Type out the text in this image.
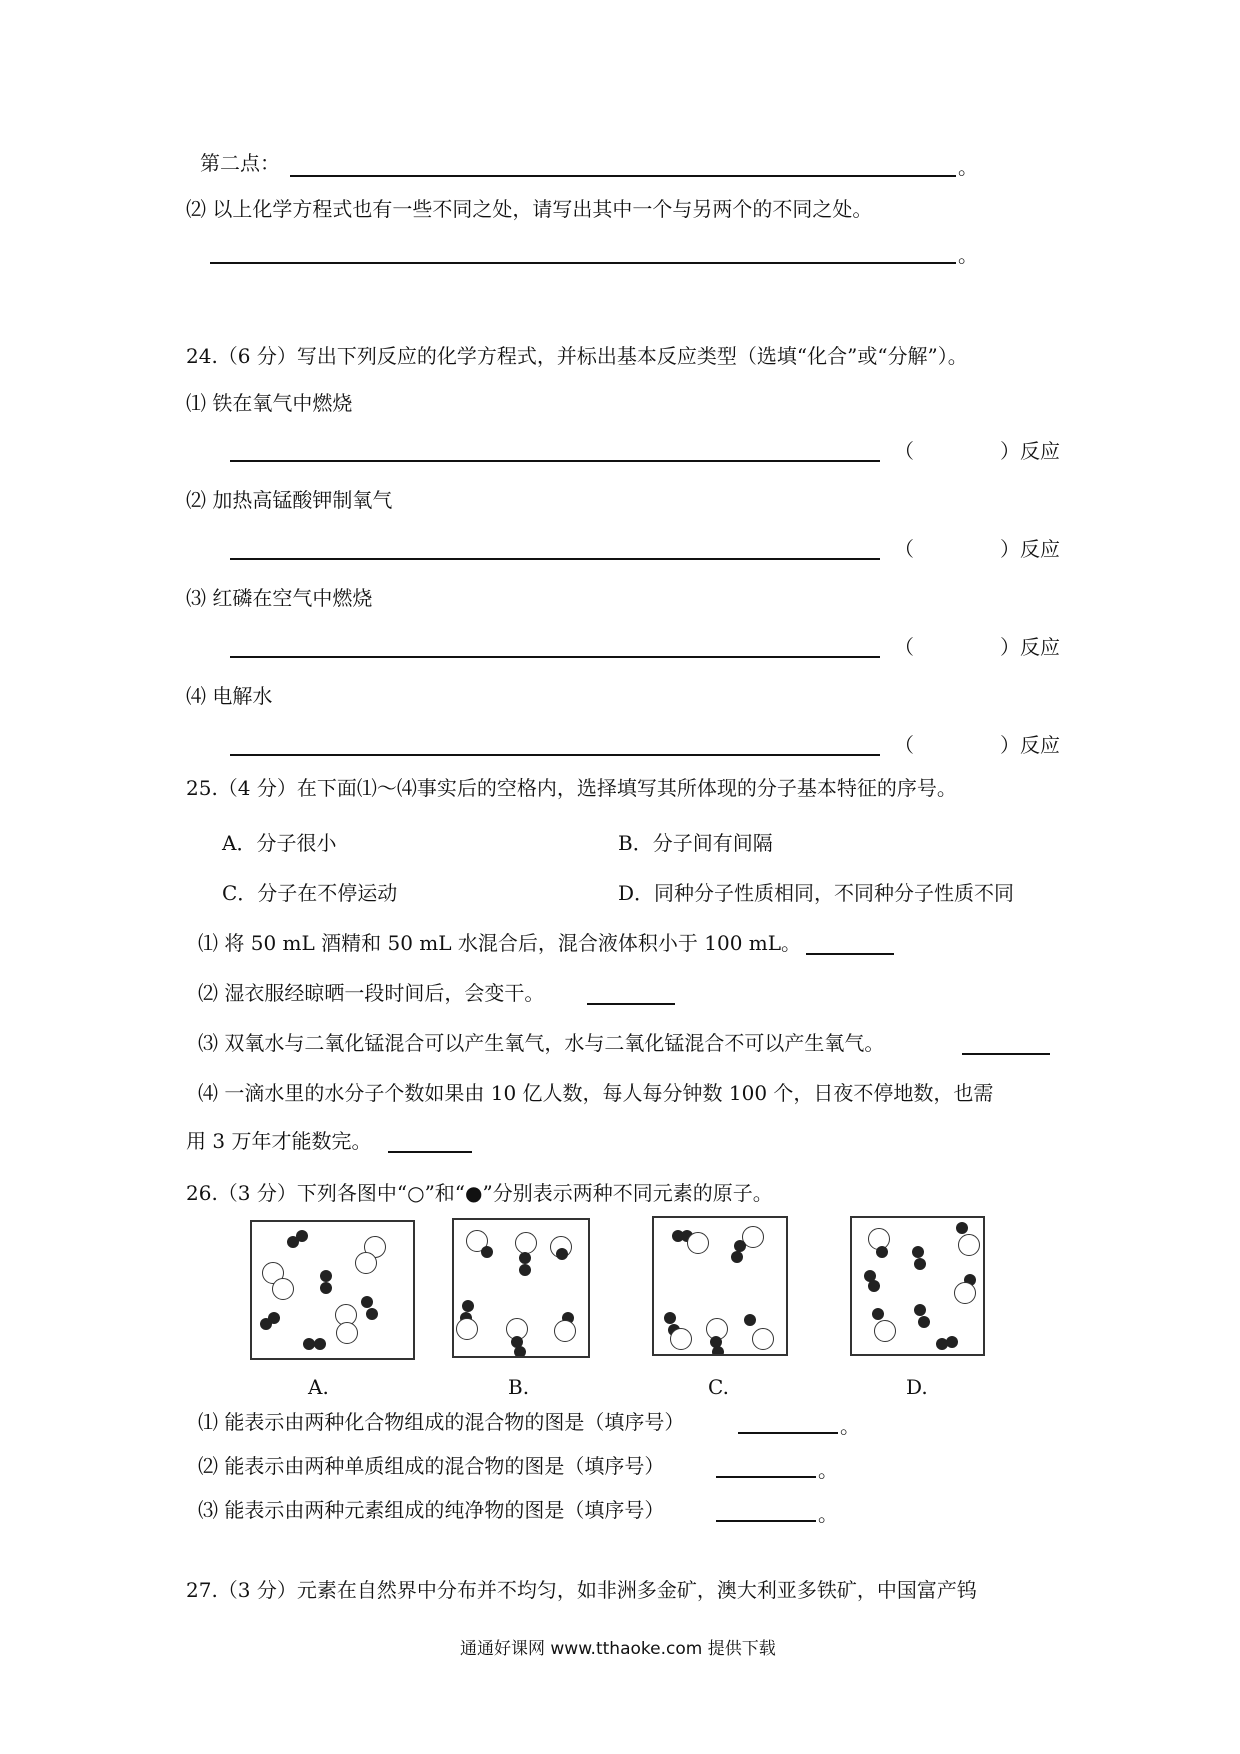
第二点：	。
⑵ 以上化学方程式也有一些不同之处，请写出其中一个与另两个的不同之处。
。
24.（6 分）写出下列反应的化学方程式，并标出基本反应类型（选填“化合”或“分解”）。
⑴ 铁在氧气中燃烧
（	）反应
⑵ 加热高锰酸钾制氧气
（	）反应
⑶ 红磷在空气中燃烧
（	）反应
⑷ 电解水
（	）反应
25.（4 分）在下面⑴～⑷事实后的空格内，选择填写其所体现的分子基本特征的序号。
A．分子很小	B．分子间有间隔
C．分子在不停运动	D．同种分子性质相同，不同种分子性质不同
⑴ 将 50 mL 酒精和 50 mL 水混合后，混合液体积小于 100 mL。
⑵ 湿衣服经晾晒一段时间后，会变干。
⑶ 双氧水与二氧化锰混合可以产生氧气，水与二氧化锰混合不可以产生氧气。
⑷ 一滴水里的水分子个数如果由 10 亿人数，每人每分钟数 100 个，日夜不停地数，也需
用 3 万年才能数完。
26.（3 分）下列各图中“○”和“●”分别表示两种不同元素的原子。
A.	B.	C.	D.
⑴ 能表示由两种化合物组成的混合物的图是（填序号）	。
⑵ 能表示由两种单质组成的混合物的图是（填序号）	。
⑶ 能表示由两种元素组成的纯净物的图是（填序号）	。
27.（3 分）元素在自然界中分布并不均匀，如非洲多金矿，澳大利亚多铁矿，中国富产钨
通通好课网 www.tthaoke.com 提供下载
